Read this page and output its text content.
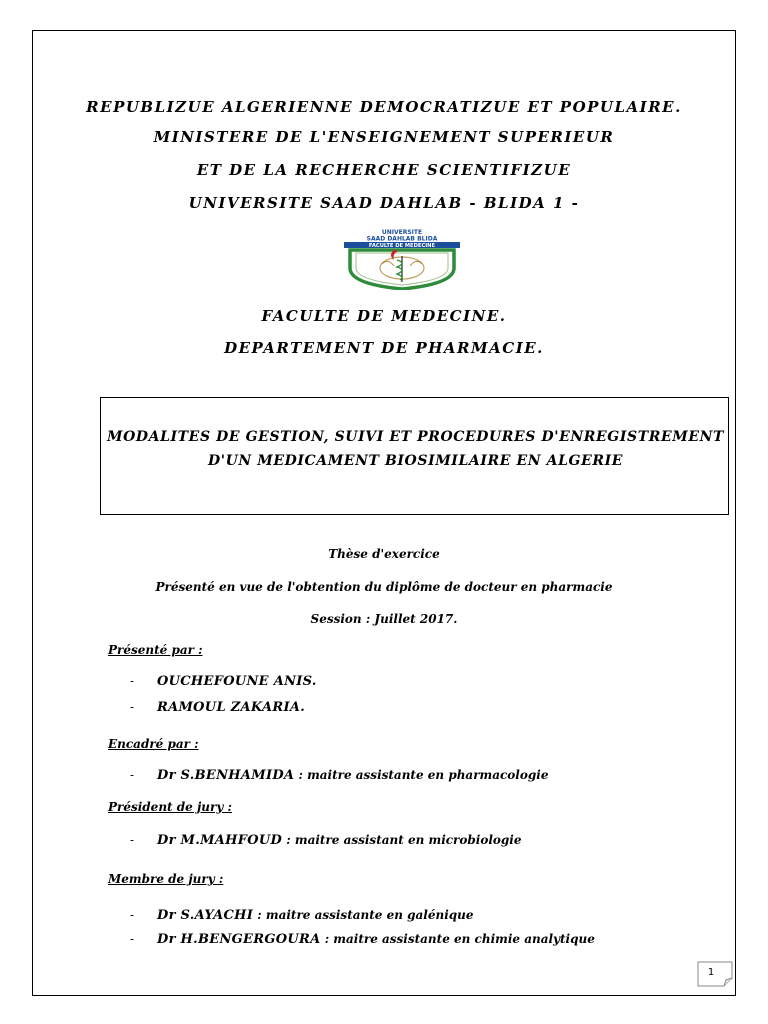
REPUBLIZUE ALGERIENNE DEMOCRATIZUE ET POPULAIRE.
MINISTERE DE L'ENSEIGNEMENT SUPERIEUR
ET DE LA RECHERCHE SCIENTIFIZUE
UNIVERSITE SAAD DAHLAB - BLIDA 1 -
UNIVERSITE
SAAD DAHLAB BLIDA
FACULTE DE MEDECINE
FACULTE DE MEDECINE.
DEPARTEMENT DE PHARMACIE.
MODALITES DE GESTION, SUIVI ET PROCEDURES D'ENREGISTREMENT
D'UN MEDICAMENT BIOSIMILAIRE EN ALGERIE
Thèse d'exercice
Présenté en vue de l'obtention du diplôme de docteur en pharmacie
Session : Juillet 2017.
Présenté par :
- OUCHEFOUNE ANIS.
- RAMOUL ZAKARIA.
Encadré par :
- Dr S.BENHAMIDA : maitre assistante en pharmacologie
Président de jury :
- Dr M.MAHFOUD : maitre assistant en microbiologie
Membre de jury :
- Dr S.AYACHI : maitre assistante en galénique
- Dr H.BENGERGOURA : maitre assistante en chimie analytique
1
